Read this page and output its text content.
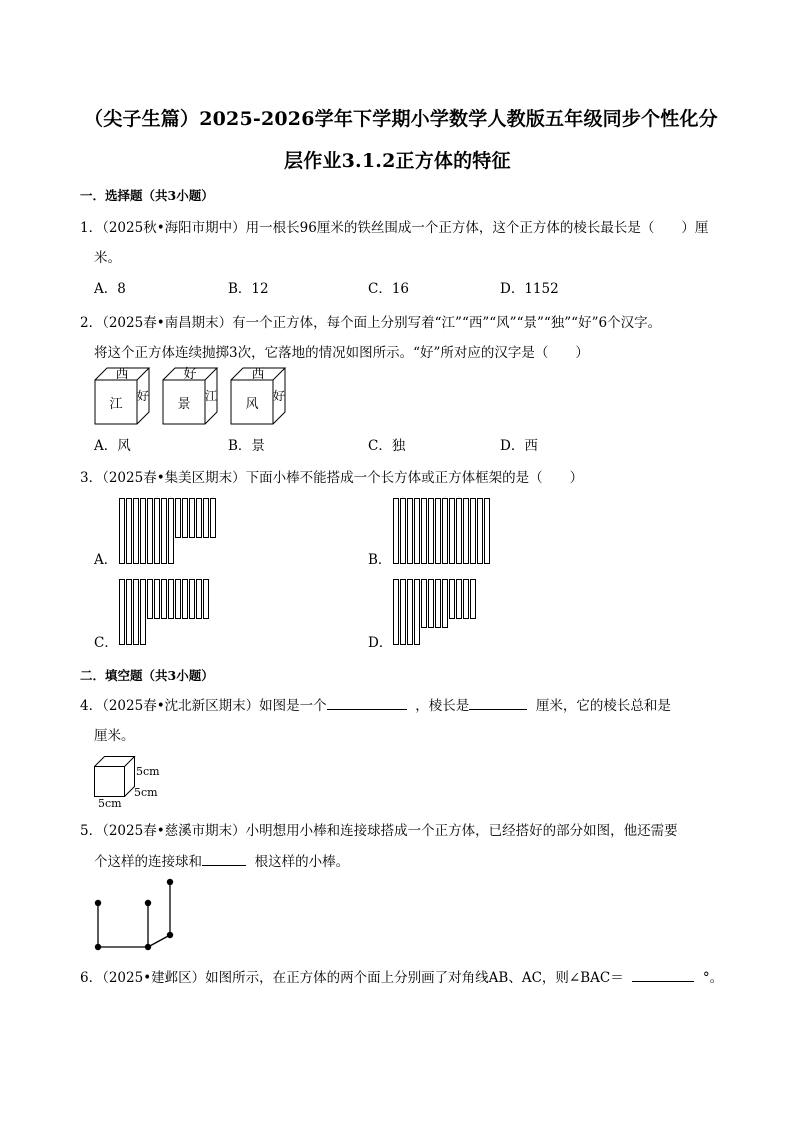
（尖子生篇）2025-2026学年下学期小学数学人教版五年级同步个性化分
层作业3.1.2正方体的特征
一．选择题（共3小题）
1．（2025秋•海阳市期中）用一根长96厘米的铁丝围成一个正方体，这个正方体的棱长最长是（　　）厘
米。
A．8	B．12	C．16	D．1152
2．（2025春•南昌期末）有一个正方体，每个面上分别写着“江”“西”“风”“景”“独”“好”6个汉字。
将这个正方体连续抛掷3次，它落地的情况如图所示。“好”所对应的汉字是（　　）
西
江
好
好
景
江
西
风
好
A．风	B．景	C．独	D．西
3．（2025春•集美区期末）下面小棒不能搭成一个长方体或正方体框架的是（　　）
A．	B．
C．	D．
二．填空题（共3小题）
4．（2025春•沈北新区期末）如图是一个	，棱长是	厘米，它的棱长总和是
厘米。
5cm
5cm
5cm
5．（2025春•慈溪市期末）小明想用小棒和连接球搭成一个正方体，已经搭好的部分如图，他还需要
个这样的连接球和	根这样的小棒。
6．（2025•建邺区）如图所示，在正方体的两个面上分别画了对角线AB、AC，则∠BAC＝	°。
